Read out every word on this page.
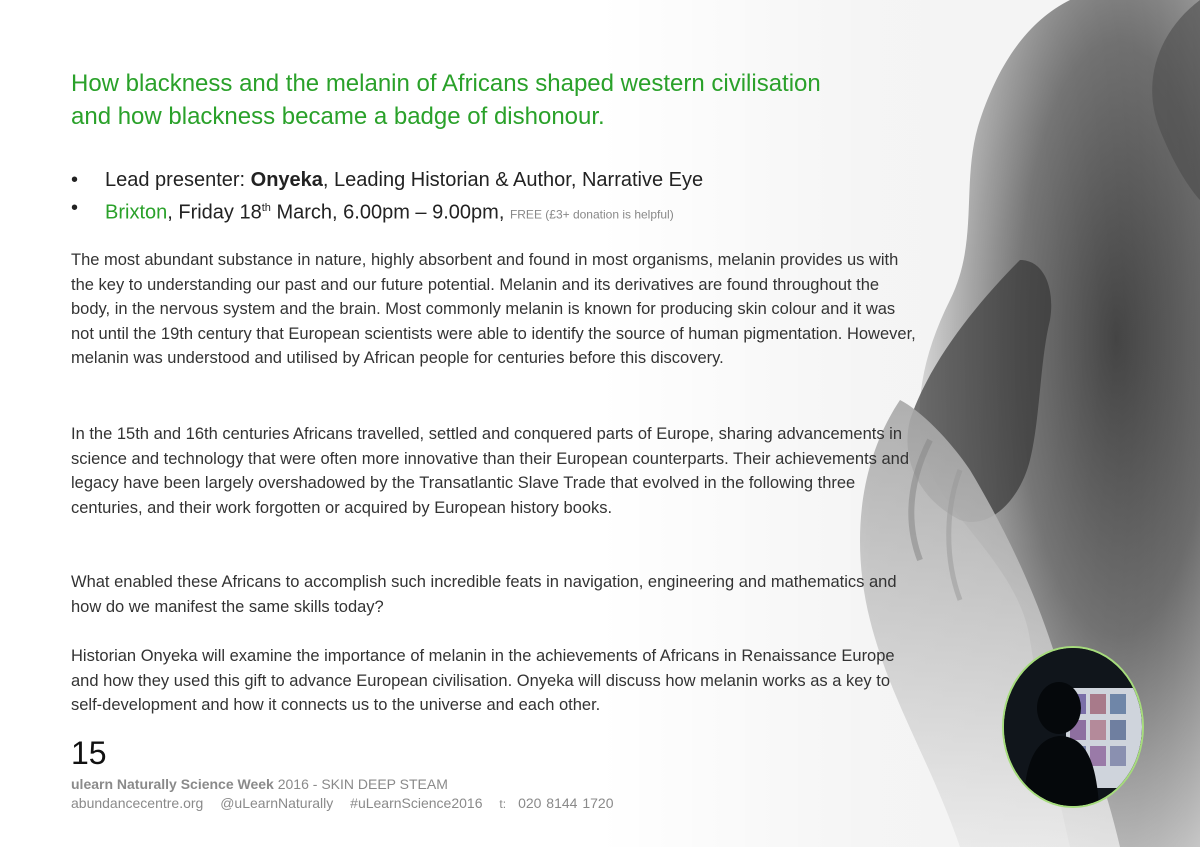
How blackness and the melanin of Africans shaped western civilisation
and how blackness became a badge of dishonour.
• Lead presenter: Onyeka, Leading Historian & Author, Narrative Eye
• Brixton, Friday 18th March, 6.00pm – 9.00pm, FREE (£3+ donation is helpful)

The most abundant substance in nature, highly absorbent and found in most organisms, melanin provides us with the key to understanding our past and our future potential. Melanin and its derivatives are found throughout the body, in the nervous system and the brain. Most commonly melanin is known for producing skin colour and it was not until the 19th century that European scientists were able to identify the source of human pigmentation. However, melanin was understood and utilised by African people for centuries before this discovery.

In the 15th and 16th centuries Africans travelled, settled and conquered parts of Europe, sharing advancements in science and technology that were often more innovative than their European counterparts. Their achievements and legacy have been largely overshadowed by the Transatlantic Slave Trade that evolved in the following three centuries, and their work forgotten or acquired by European history books.

What enabled these Africans to accomplish such incredible feats in navigation, engineering and mathematics and how do we manifest the same skills today?

Historian Onyeka will examine the importance of melanin in the achievements of Africans in Renaissance Europe and how they used this gift to advance European civilisation. Onyeka will discuss how melanin works as a key to self-development and how it connects us to the universe and each other.

15
ulearn Naturally Science Week 2016 - SKIN DEEP STEAM
abundancecentre.org @uLearnNaturally #uLearnScience2016 t: 020 8144 1720
